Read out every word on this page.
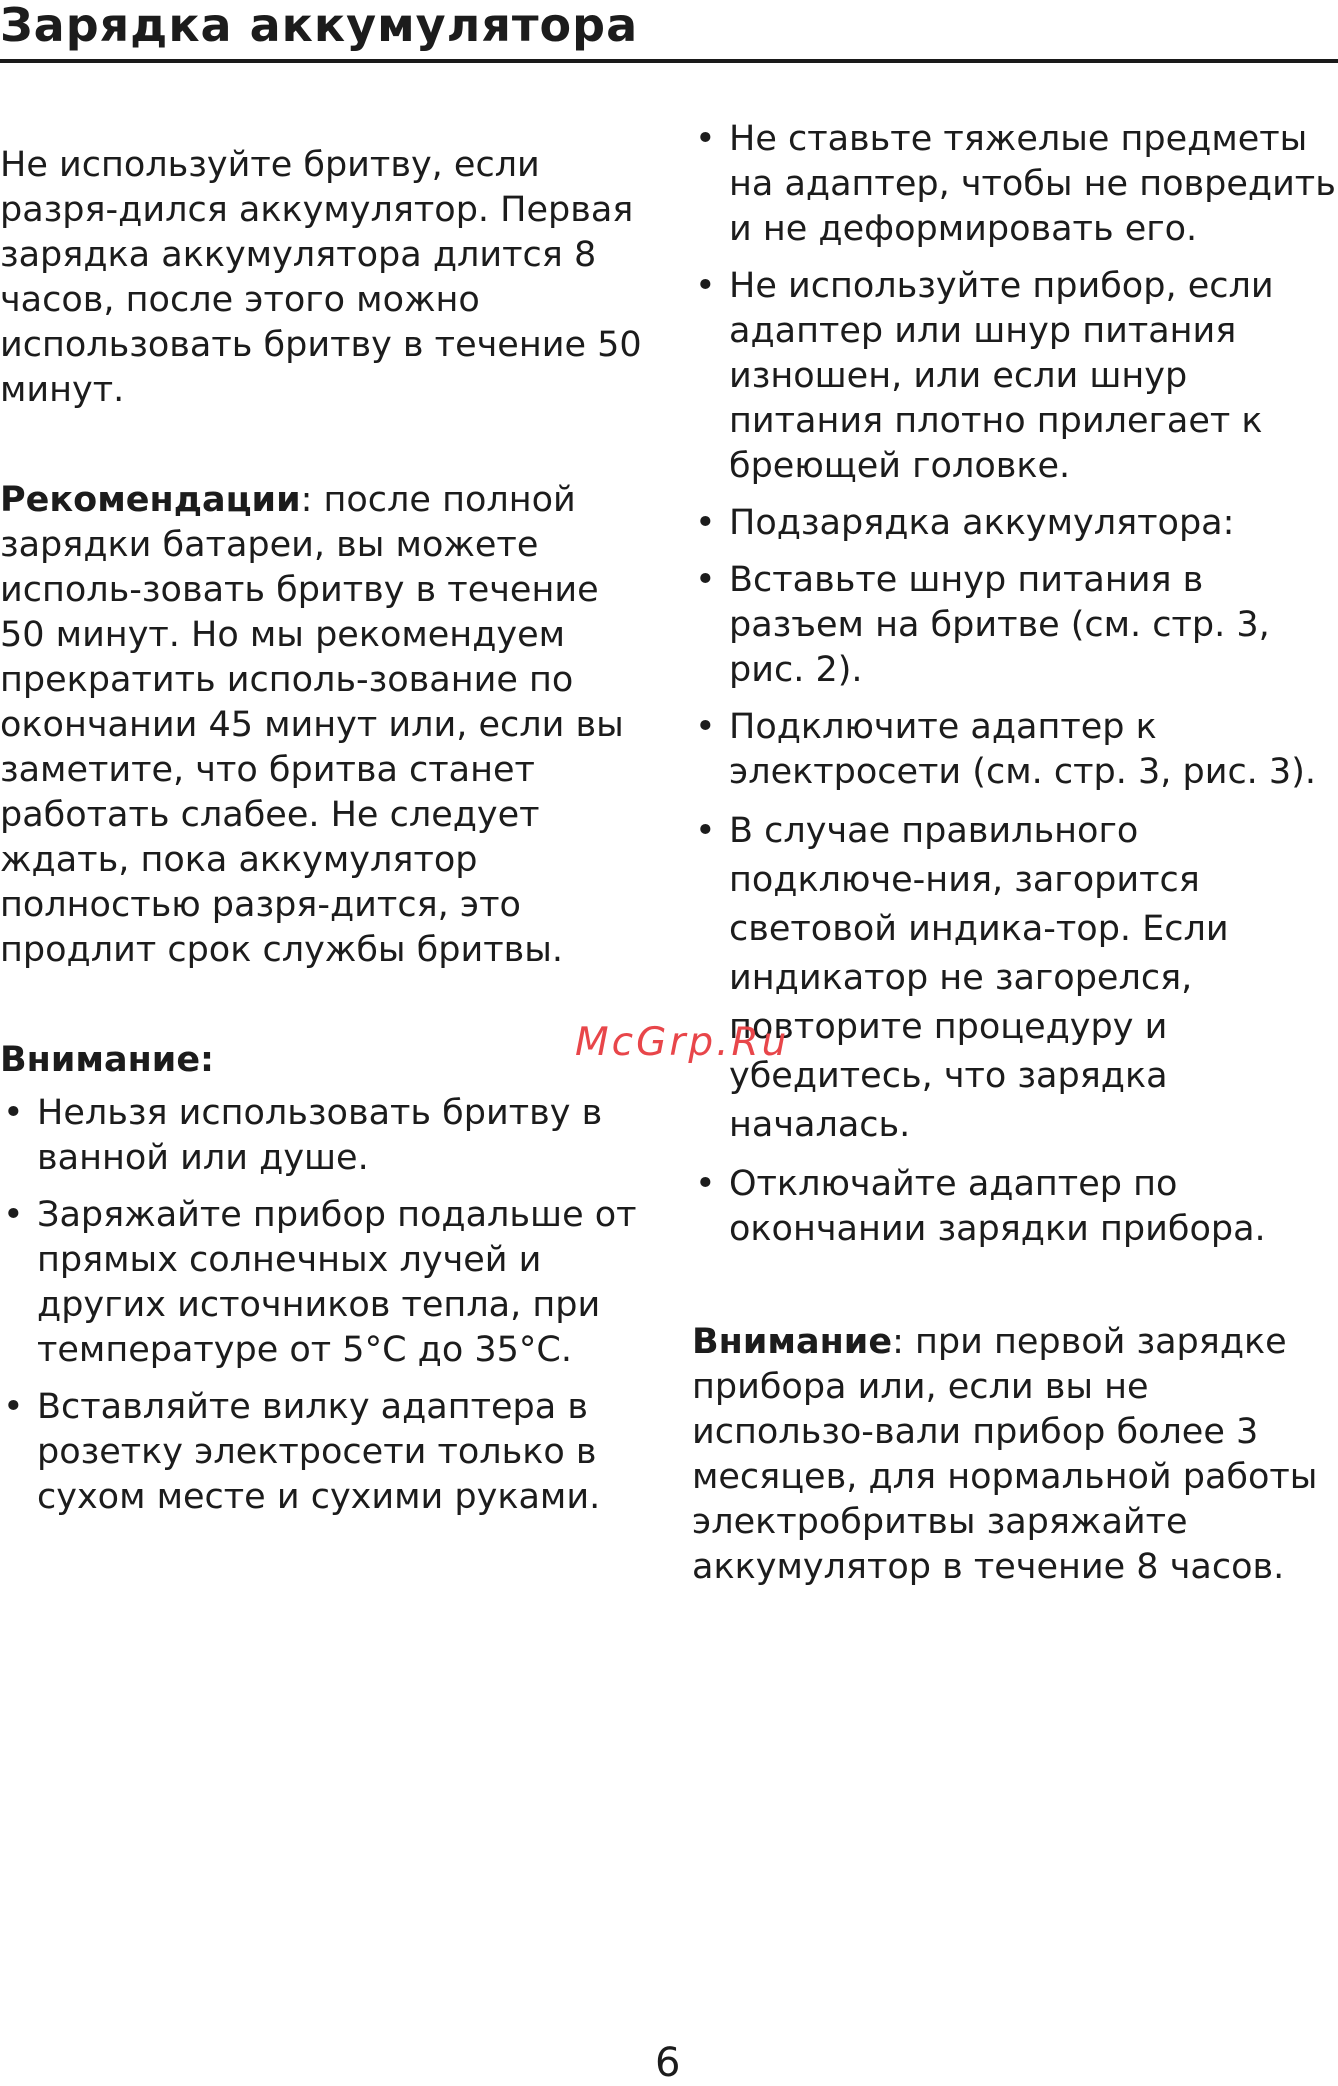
Зарядка аккумулятора

Не используйте бритву, если разря-дился аккумулятор. Первая зарядка аккумулятора длится 8 часов, после этого можно использовать бритву в течение 50 минут.

Рекомендации: после полной зарядки батареи, вы можете исполь-зовать бритву в течение 50 минут. Но мы рекомендуем прекратить исполь-зование по окончании 45 минут или, если вы заметите, что бритва станет работать слабее. Не следует ждать, пока аккумулятор полностью разря-дится, это продлит срок службы бритвы.

Внимание:

• Нельзя использовать бритву в ванной или душе.
• Заряжайте прибор подальше от прямых солнечных лучей и других источников тепла, при температуре от 5°С до 35°С.
• Вставляйте вилку адаптера в розетку электросети только в сухом месте и сухими руками.
• Не ставьте тяжелые предметы на адаптер, чтобы не повредить и не деформировать его.
• Не используйте прибор, если адаптер или шнур питания изношен, или если шнур питания плотно прилегает к бреющей головке.
• Подзарядка аккумулятора:
• Вставьте шнур питания в разъем на бритве (см. стр. 3, рис. 2).
• Подключите адаптер к электросети (см. стр. 3, рис. 3).
• В случае правильного подключе-ния, загорится световой индика-тор. Если индикатор не загорелся, повторите процедуру и убедитесь, что зарядка началась.
• Отключайте адаптер по окончании зарядки прибора.

Внимание: при первой зарядке прибора или, если вы не использо-вали прибор более 3 месяцев, для нормальной работы электробритвы заряжайте аккумулятор в течение 8 часов.

McGrp.Ru
6
